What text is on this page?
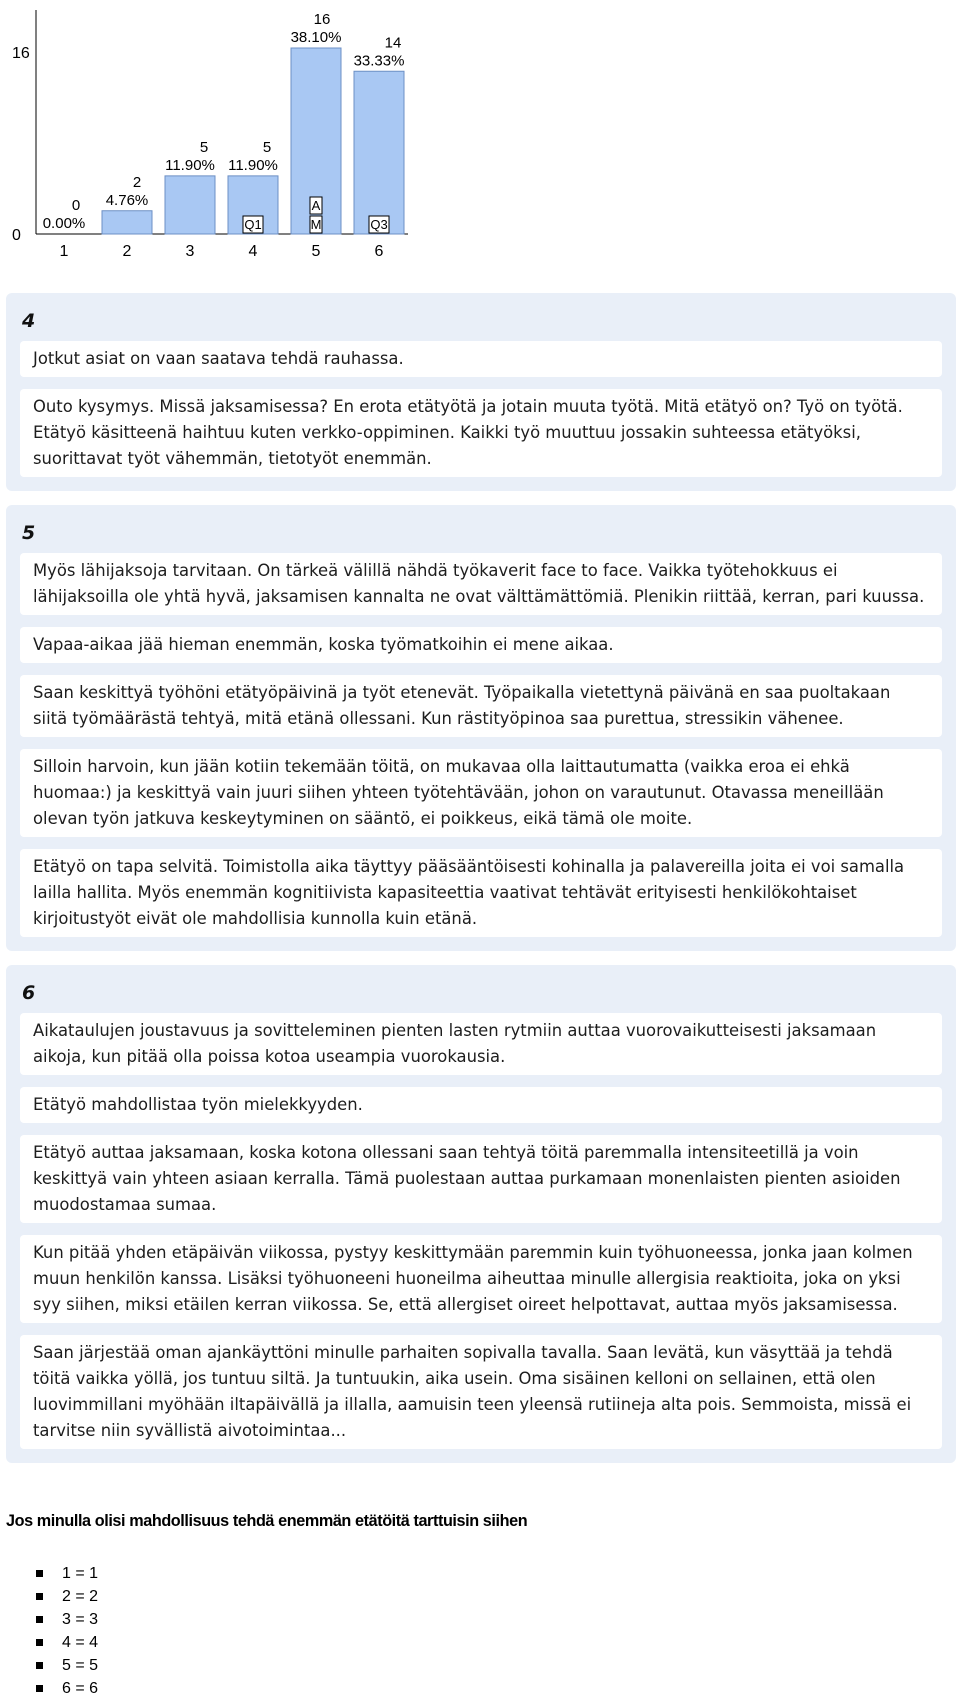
0
16
1
0.00%
0
2
4.76%
2
3
11.90%
5
4
11.90%
5
5
38.10%
16
6
33.33%
14
Q1
A
M	Q3
4
Jotkut asiat on vaan saatava tehdä rauhassa.
Outo kysymys. Missä jaksamisessa? En erota etätyötä ja jotain muuta työtä. Mitä etätyö on? Työ on työtä. Etätyö käsitteenä haihtuu kuten verkko-oppiminen. Kaikki työ muuttuu jossakin suhteessa etätyöksi, suorittavat työt vähemmän, tietotyöt enemmän.
5
Myös lähijaksoja tarvitaan. On tärkeä välillä nähdä työkaverit face to face. Vaikka työtehokkuus ei lähijaksoilla ole yhtä hyvä, jaksamisen kannalta ne ovat välttämättömiä. Plenikin riittää, kerran, pari kuussa.
Vapaa-aikaa jää hieman enemmän, koska työmatkoihin ei mene aikaa.
Saan keskittyä työhöni etätyöpäivinä ja työt etenevät. Työpaikalla vietettynä päivänä en saa puoltakaan siitä työmäärästä tehtyä, mitä etänä ollessani. Kun rästityöpinoa saa purettua, stressikin vähenee.
Silloin harvoin, kun jään kotiin tekemään töitä, on mukavaa olla laittautumatta (vaikka eroa ei ehkä huomaa:) ja keskittyä vain juuri siihen yhteen työtehtävään, johon on varautunut. Otavassa meneillään olevan työn jatkuva keskeytyminen on sääntö, ei poikkeus, eikä tämä ole moite.
Etätyö on tapa selvitä. Toimistolla aika täyttyy pääsääntöisesti kohinalla ja palavereilla joita ei voi samalla lailla hallita. Myös enemmän kognitiivista kapasiteettia vaativat tehtävät erityisesti henkilökohtaiset kirjoitustyöt eivät ole mahdollisia kunnolla kuin etänä.
6
Aikataulujen joustavuus ja sovitteleminen pienten lasten rytmiin auttaa vuorovaikutteisesti jaksamaan aikoja, kun pitää olla poissa kotoa useampia vuorokausia.
Etätyö mahdollistaa työn mielekkyyden.
Etätyö auttaa jaksamaan, koska kotona ollessani saan tehtyä töitä paremmalla intensiteetillä ja voin keskittyä vain yhteen asiaan kerralla. Tämä puolestaan auttaa purkamaan monenlaisten pienten asioiden muodostamaa sumaa.
Kun pitää yhden etäpäivän viikossa, pystyy keskittymään paremmin kuin työhuoneessa, jonka jaan kolmen muun henkilön kanssa. Lisäksi työhuoneeni huoneilma aiheuttaa minulle allergisia reaktioita, joka on yksi syy siihen, miksi etäilen kerran viikossa. Se, että allergiset oireet helpottavat, auttaa myös jaksamisessa.
Saan järjestää oman ajankäyttöni minulle parhaiten sopivalla tavalla. Saan levätä, kun väsyttää ja tehdä töitä vaikka yöllä, jos tuntuu siltä. Ja tuntuukin, aika usein. Oma sisäinen kelloni on sellainen, että olen luovimmillani myöhään iltapäivällä ja illalla, aamuisin teen yleensä rutiineja alta pois. Semmoista, missä ei tarvitse niin syvällistä aivotoimintaa...
Jos minulla olisi mahdollisuus tehdä enemmän etätöitä tarttuisin siihen
1 = 1
2 = 2
3 = 3
4 = 4
5 = 5
6 = 6
